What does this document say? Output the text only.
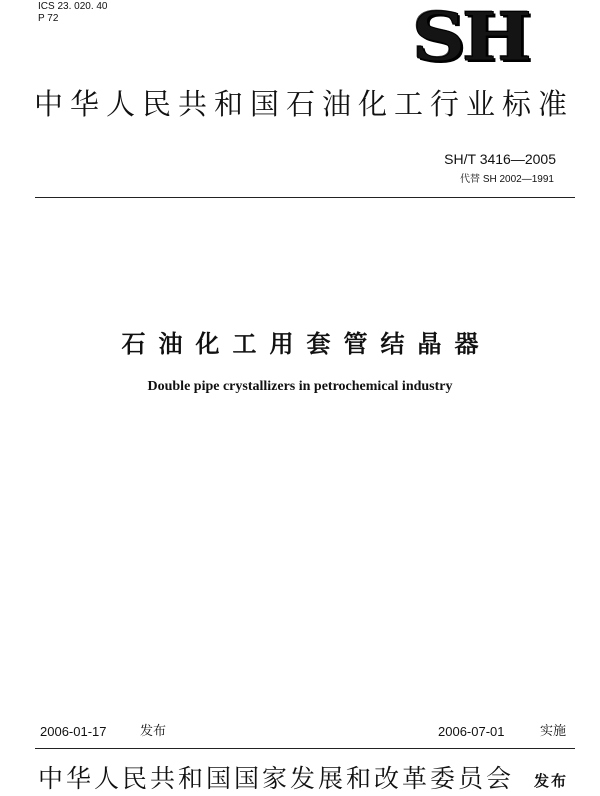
ICS 23. 020. 40
P 72	SH
中华人民共和国石油化工行业标准
SH/T 3416—2005
代替 SH 2002—1991
石油化工用套管结晶器
Double pipe crystallizers in petrochemical industry
2006-01-17	发布	2006-07-01	实施
中华人民共和国国家发展和改革委员会 发布
